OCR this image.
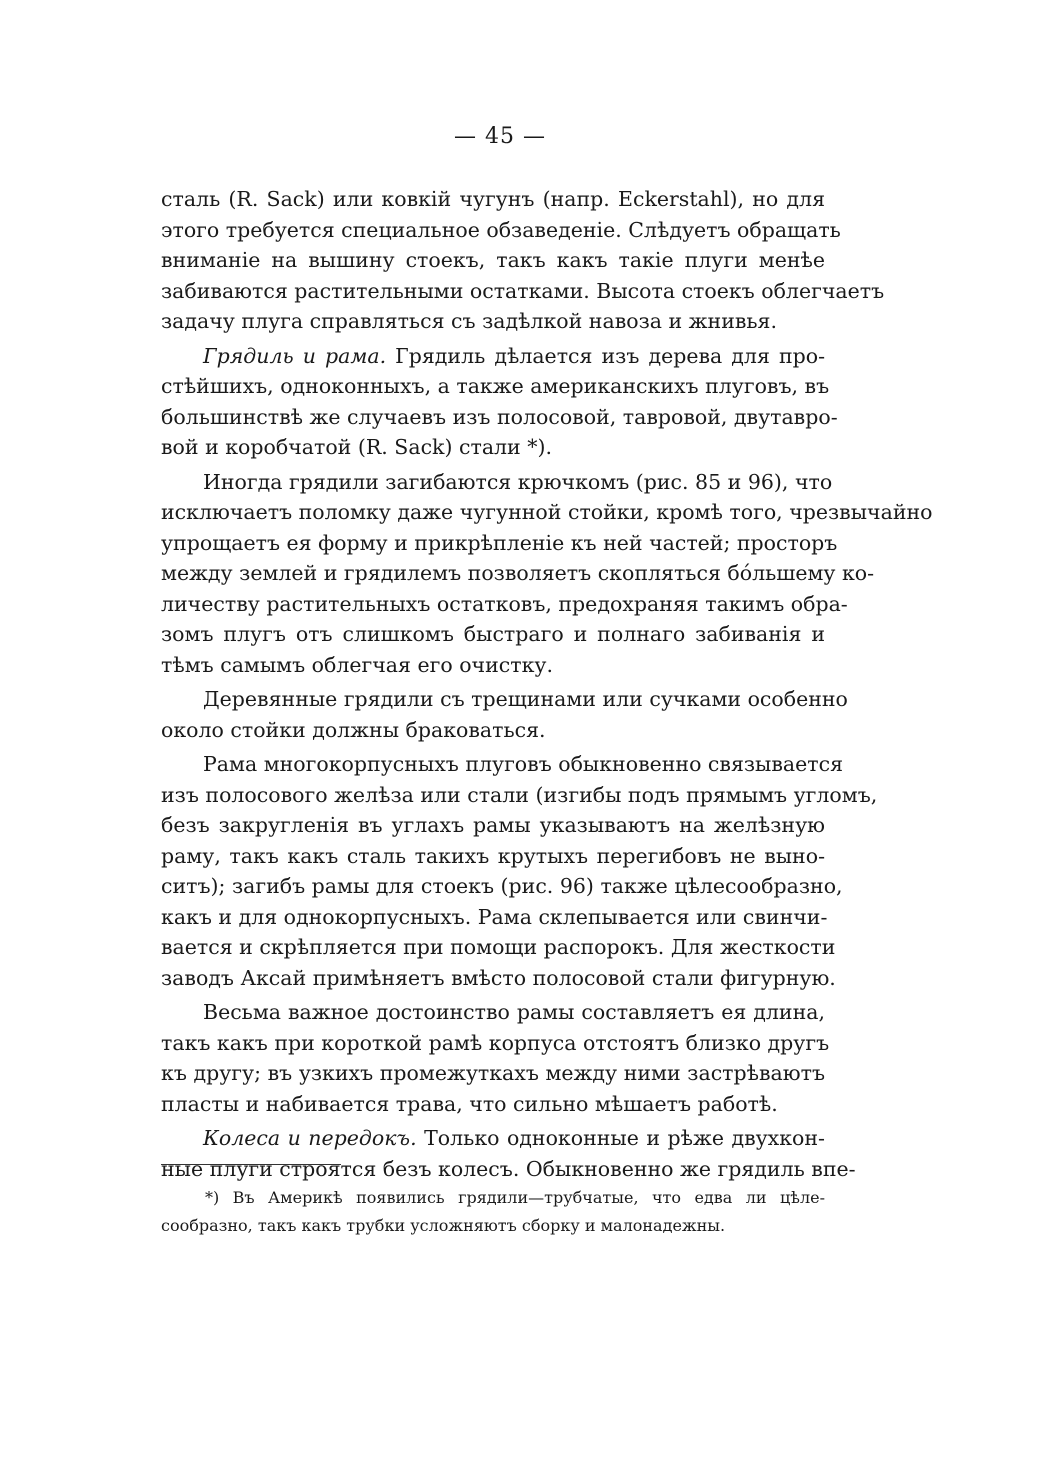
— 45 —
сталь (R. Sack) или ковкiй чугунъ (напр. Eckerstahl), но для
этого требуется специальное обзаведенiе. Слѣдуетъ обращать
вниманiе на вышину стоекъ, такъ какъ такiе плуги менѣе
забиваются растительными остатками. Высота стоекъ облегчаетъ
задачу плуга справляться съ задѣлкой навоза и жнивья.
Грядиль и рама. Грядиль дѣлается изъ дерева для про-
стѣйшихъ, одноконныхъ, а также американскихъ плуговъ, въ
большинствѣ же случаевъ изъ полосовой, тавровой, двутавро-
вой и коробчатой (R. Sack) стали *).
Иногда грядили загибаются крючкомъ (рис. 85 и 96), что
исключаетъ поломку даже чугунной стойки, кромѣ того, чрезвычайно
упрощаетъ ея форму и прикрѣпленiе къ ней частей; просторъ
между землей и грядилемъ позволяетъ скопляться бóльшему ко-
личеству растительныхъ остатковъ, предохраняя такимъ обра-
зомъ плугъ отъ слишкомъ быстраго и полнаго забиванiя и
тѣмъ самымъ облегчая его очистку.
Деревянные грядили съ трещинами или сучками особенно
около стойки должны браковаться.
Рама многокорпусныхъ плуговъ обыкновенно связывается
изъ полосового желѣза или стали (изгибы подъ прямымъ угломъ,
безъ закругленiя въ углахъ рамы указываютъ на желѣзную
раму, такъ какъ сталь такихъ крутыхъ перегибовъ не выно-
ситъ); загибъ рамы для стоекъ (рис. 96) также цѣлесообразно,
какъ и для однокорпусныхъ. Рама склепывается или свинчи-
вается и скрѣпляется при помощи распорокъ. Для жесткости
заводъ Аксай примѣняетъ вмѣсто полосовой стали фигурную.
Весьма важное достоинство рамы составляетъ ея длина,
такъ какъ при короткой рамѣ корпуса отстоятъ близко другъ
къ другу; въ узкихъ промежуткахъ между ними застрѣваютъ
пласты и набивается трава, что сильно мѣшаетъ работѣ.
Колеса и передокъ. Только одноконные и рѣже двухкон-
ные плуги строятся безъ колесъ. Обыкновенно же грядиль впе-
*) Въ Америкѣ появились грядили—трубчатые, что едва ли цѣле-
сообразно, такъ какъ трубки усложняютъ сборку и малонадежны.
